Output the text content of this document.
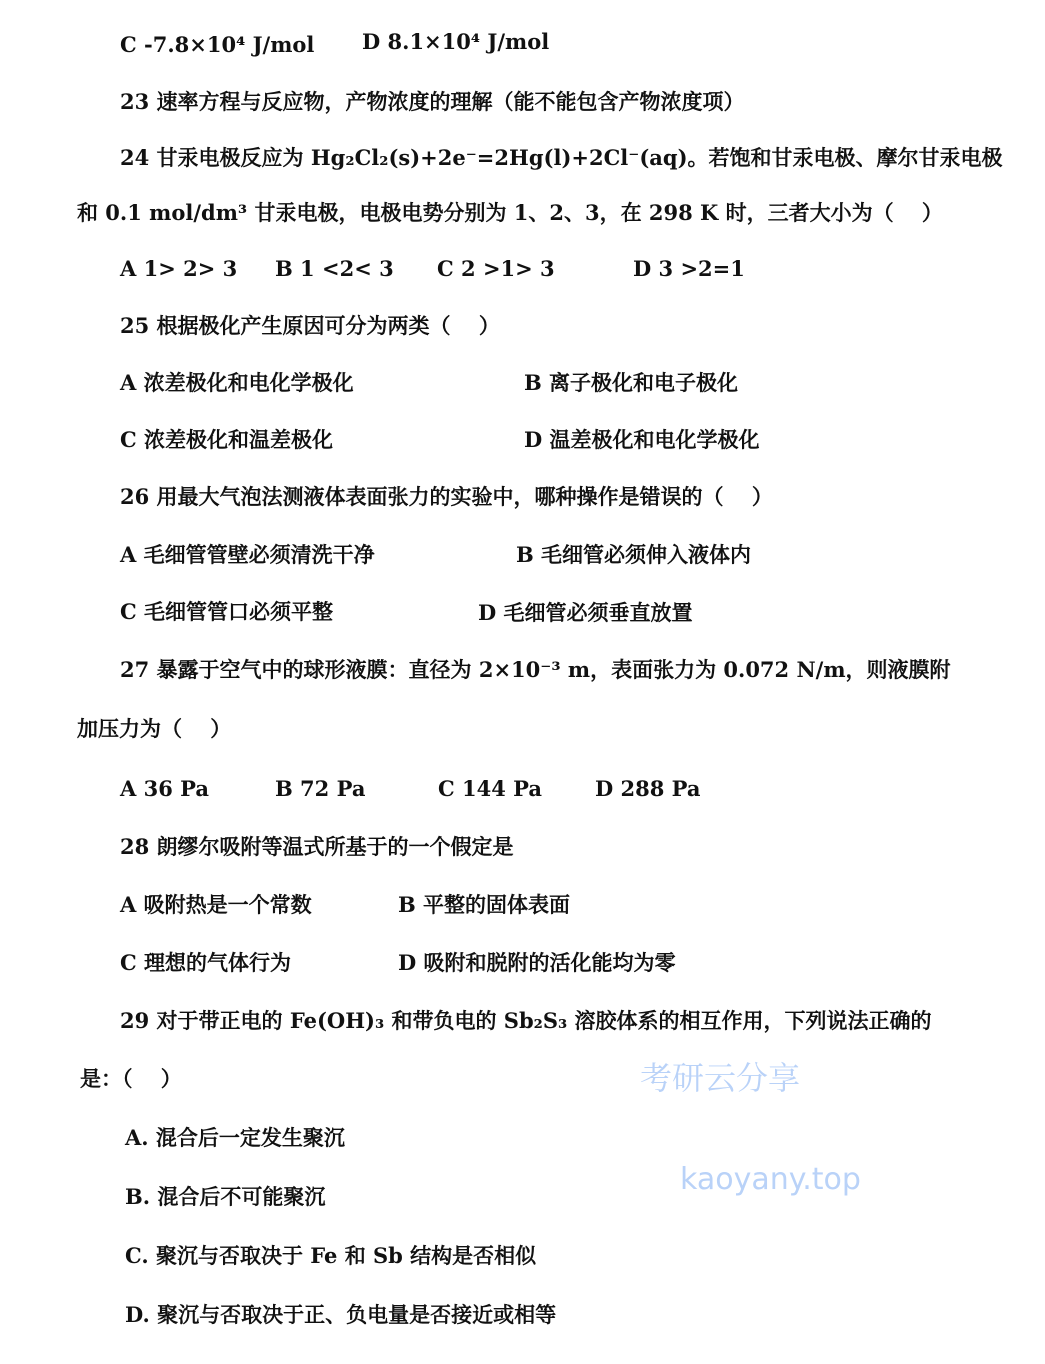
考研云分享
kaoyany.top
C -7.8×10⁴ J/mol D 8.1×10⁴ J/mol
23 速率方程与反应物，产物浓度的理解（能不能包含产物浓度项）
24 甘汞电极反应为 Hg₂Cl₂(s)+2e⁻=2Hg(l)+2Cl⁻(aq)。若饱和甘汞电极、摩尔甘汞电极
和 0.1 mol/dm³ 甘汞电极，电极电势分别为 1、2、3，在 298 K 时，三者大小为（　 ）
A 1> 2> 3 B 1 <2< 3 C 2 >1> 3	D 3 >2=1
25 根据极化产生原因可分为两类（　 ）
A 浓差极化和电化学极化	B 离子极化和电子极化
C 浓差极化和温差极化	D 温差极化和电化学极化
26 用最大气泡法测液体表面张力的实验中，哪种操作是错误的（　 ）
A 毛细管管壁必须清洗干净	B 毛细管必须伸入液体内
C 毛细管管口必须平整	D 毛细管必须垂直放置
27 暴露于空气中的球形液膜：直径为 2×10⁻³ m，表面张力为 0.072 N/m，则液膜附
加压力为（　 ）
A 36 Pa	B 72 Pa	C 144 Pa	D 288 Pa
28 朗缪尔吸附等温式所基于的一个假定是
A 吸附热是一个常数	B 平整的固体表面
C 理想的气体行为	D 吸附和脱附的活化能均为零
29 对于带正电的 Fe(OH)₃ 和带负电的 Sb₂S₃ 溶胶体系的相互作用，下列说法正确的
是：（　 ）
A. 混合后一定发生聚沉
B. 混合后不可能聚沉
C. 聚沉与否取决于 Fe 和 Sb 结构是否相似
D. 聚沉与否取决于正、负电量是否接近或相等
